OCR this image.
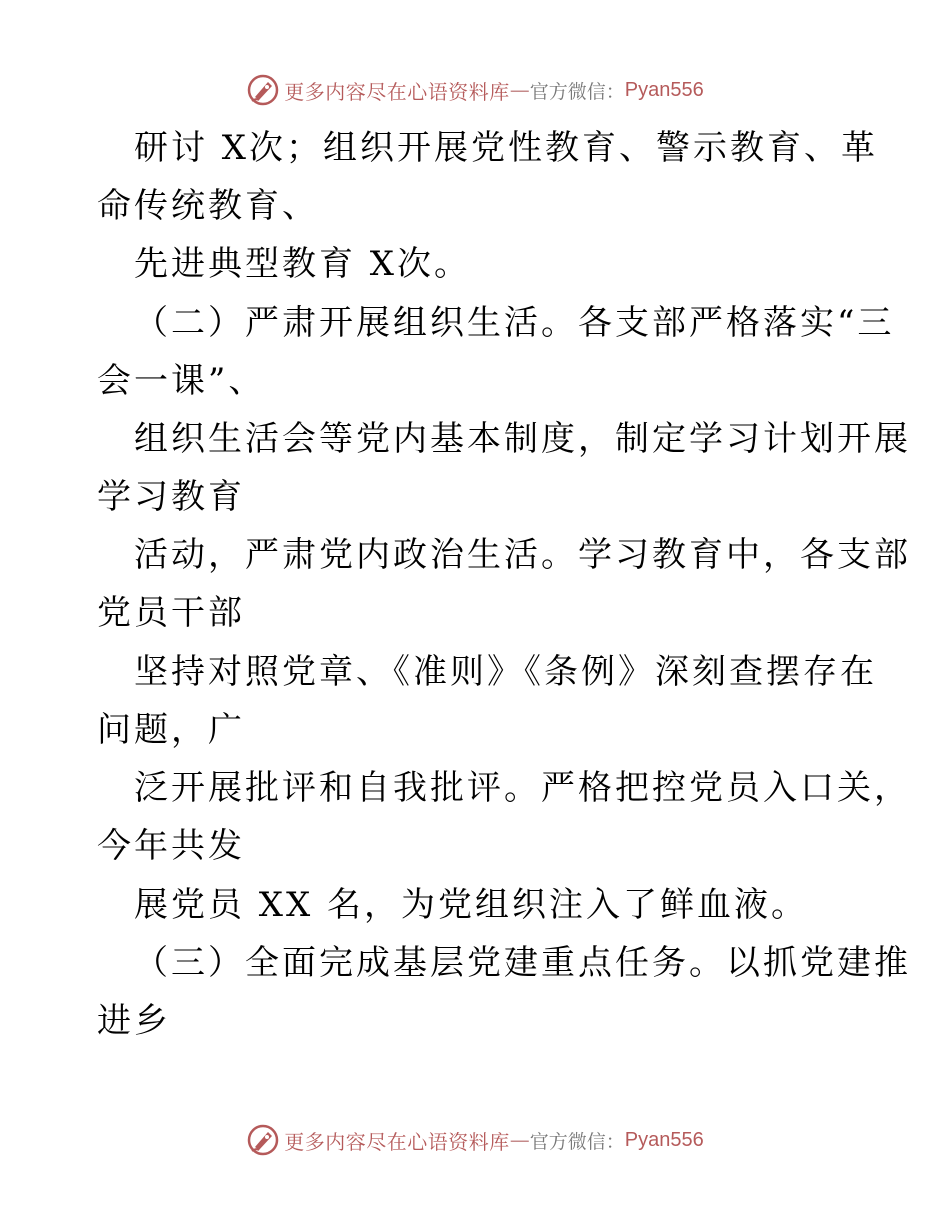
更多内容尽在心语资料库 — 官方微信： Pyan556
研讨 X次；组织开展党性教育、警示教育、革
命传统教育、
先进典型教育 X次。
（二）严肃开展组织生活。各支部严格落实“三
会一课”、
组织生活会等党内基本制度，制定学习计划开展
学习教育
活动，严肃党内政治生活。学习教育中，各支部
党员干部
坚持对照党章、《准则》《条例》深刻查摆存在
问题，广
泛开展批评和自我批评。严格把控党员入口关，
今年共发
展党员 XX 名，为党组织注入了鲜血液。
（三）全面完成基层党建重点任务。以抓党建推
进乡
更多内容尽在心语资料库 — 官方微信： Pyan556
